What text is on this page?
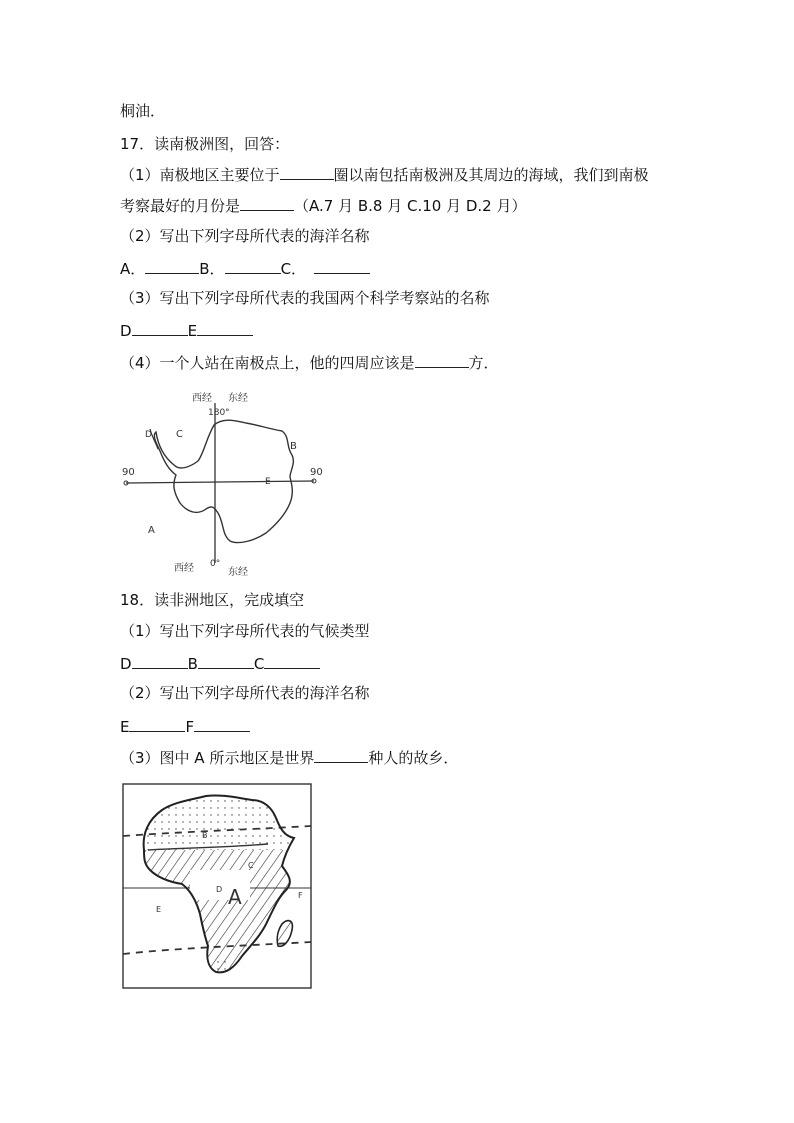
桐油．
17．读南极洲图，回答：
（1）南极地区主要位于	圈以南包括南极洲及其周边的海域，我们到南极
考察最好的月份是	（A.7 月 B.8 月 C.10 月 D.2 月）
（2）写出下列字母所代表的海洋名称
A．	B．	C．
（3）写出下列字母所代表的我国两个科学考察站的名称
D	E
（4）一个人站在南极点上，他的四周应该是	方．
西经 东经
180°
90	90
西经 0°
东经
A
B
C
D
E
18．读非洲地区，完成填空
（1）写出下列字母所代表的气候类型
D	B	C
（2）写出下列字母所代表的海洋名称
E	F
（3）图中 A 所示地区是世界	种人的故乡．
A
B
C
D
E
F
